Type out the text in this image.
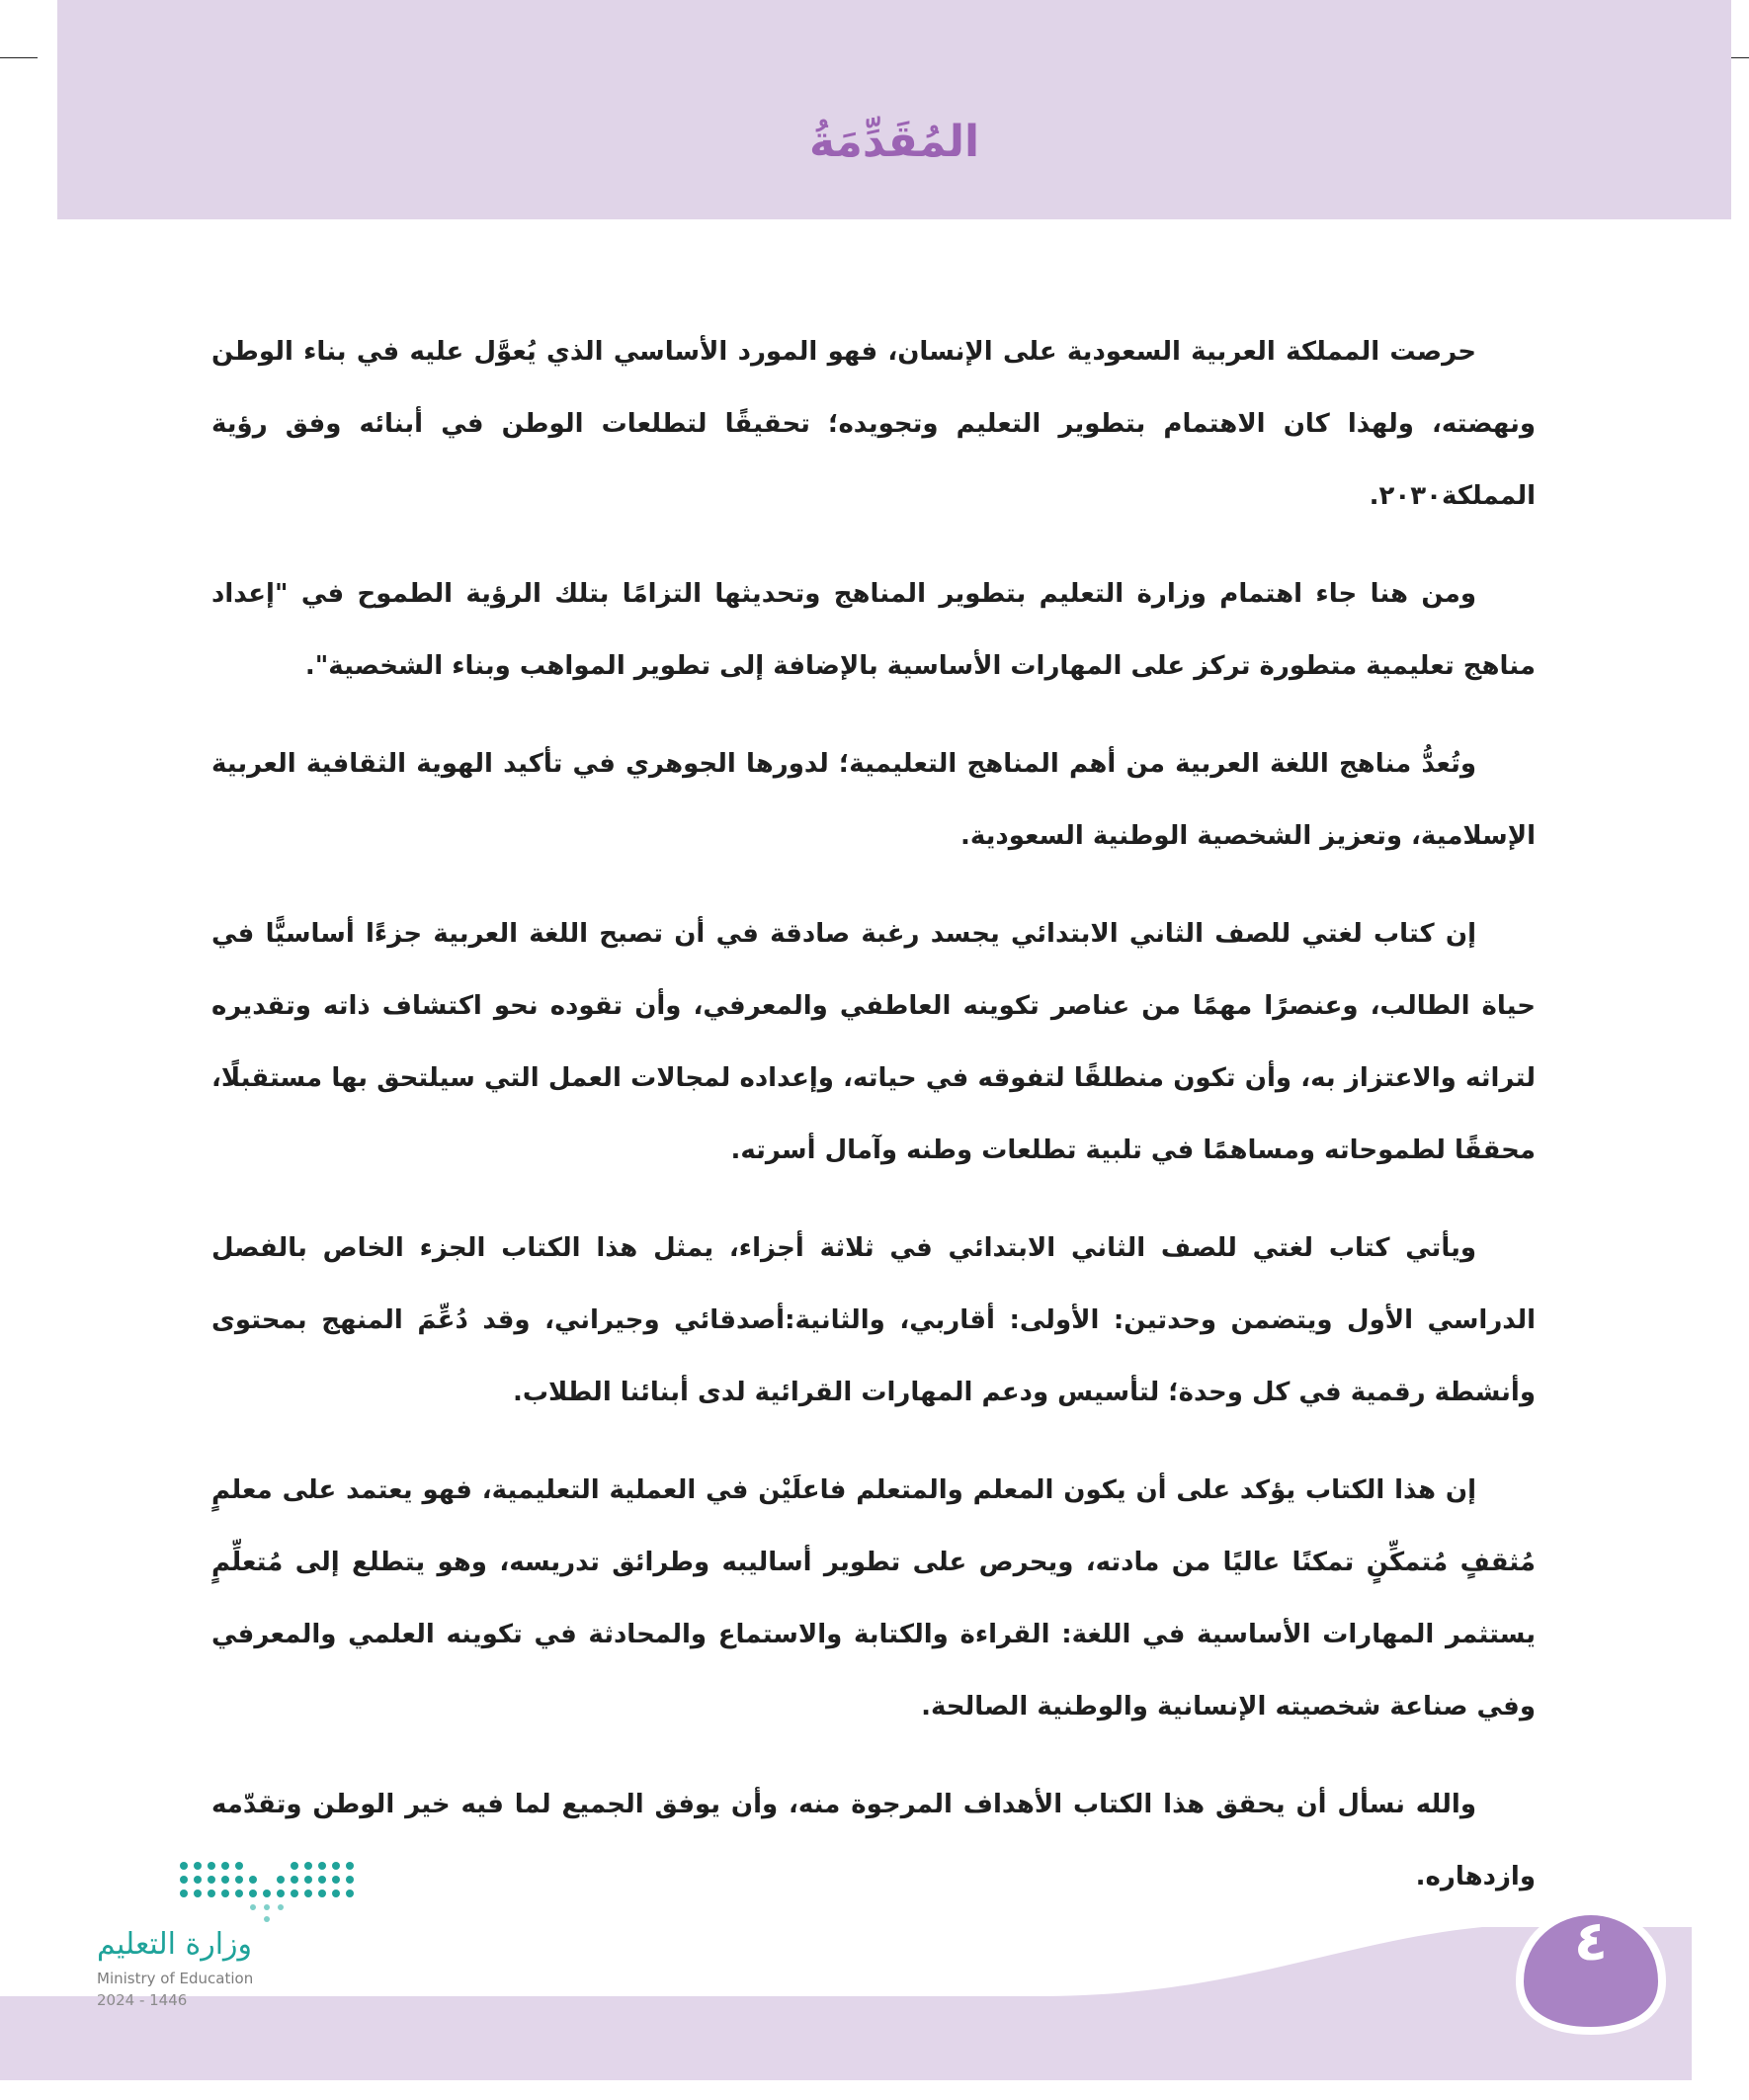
المُقَدِّمَةُ

حرصت المملكة العربية السعودية على الإنسان، فهو المورد الأساسي الذي يُعوَّل عليه في بناء الوطن ونهضته، ولهذا كان الاهتمام بتطوير التعليم وتجويده؛ تحقيقًا لتطلعات الوطن في أبنائه وفق رؤية المملكة٢٠٣٠.

ومن هنا جاء اهتمام وزارة التعليم بتطوير المناهج وتحديثها التزامًا بتلك الرؤية الطموح في "إعداد مناهج تعليمية متطورة تركز على المهارات الأساسية بالإضافة إلى تطوير المواهب وبناء الشخصية".

وتُعدُّ مناهج اللغة العربية من أهم المناهج التعليمية؛ لدورها الجوهري في تأكيد الهوية الثقافية العربية الإسلامية، وتعزيز الشخصية الوطنية السعودية.

إن كتاب لغتي للصف الثاني الابتدائي يجسد رغبة صادقة في أن تصبح اللغة العربية جزءًا أساسيًّا في حياة الطالب، وعنصرًا مهمًا من عناصر تكوينه العاطفي والمعرفي، وأن تقوده نحو اكتشاف ذاته وتقديره لتراثه والاعتزاز به، وأن تكون منطلقًا لتفوقه في حياته، وإعداده لمجالات العمل التي سيلتحق بها مستقبلًا، محققًا لطموحاته ومساهمًا في تلبية تطلعات وطنه وآمال أسرته.

ويأتي كتاب لغتي للصف الثاني الابتدائي في ثلاثة أجزاء، يمثل هذا الكتاب الجزء الخاص بالفصل الدراسي الأول ويتضمن وحدتين: الأولى: أقاربي، والثانية:أصدقائي وجيراني، وقد دُعِّمَ المنهج بمحتوى وأنشطة رقمية في كل وحدة؛ لتأسيس ودعم المهارات القرائية لدى أبنائنا الطلاب.

إن هذا الكتاب يؤكد على أن يكون المعلم والمتعلم فاعلَيْن في العملية التعليمية، فهو يعتمد على معلمٍ مُثقفٍ مُتمكِّنٍ تمكنًا عاليًا من مادته، ويحرص على تطوير أساليبه وطرائق تدريسه، وهو يتطلع إلى مُتعلِّمٍ يستثمر المهارات الأساسية في اللغة: القراءة والكتابة والاستماع والمحادثة في تكوينه العلمي والمعرفي وفي صناعة شخصيته الإنسانية والوطنية الصالحة.

والله نسأل أن يحقق هذا الكتاب الأهداف المرجوة منه، وأن يوفق الجميع لما فيه خير الوطن وتقدّمه وازدهاره.

٤
وزارة التعليم
Ministry of Education
2024 - 1446
